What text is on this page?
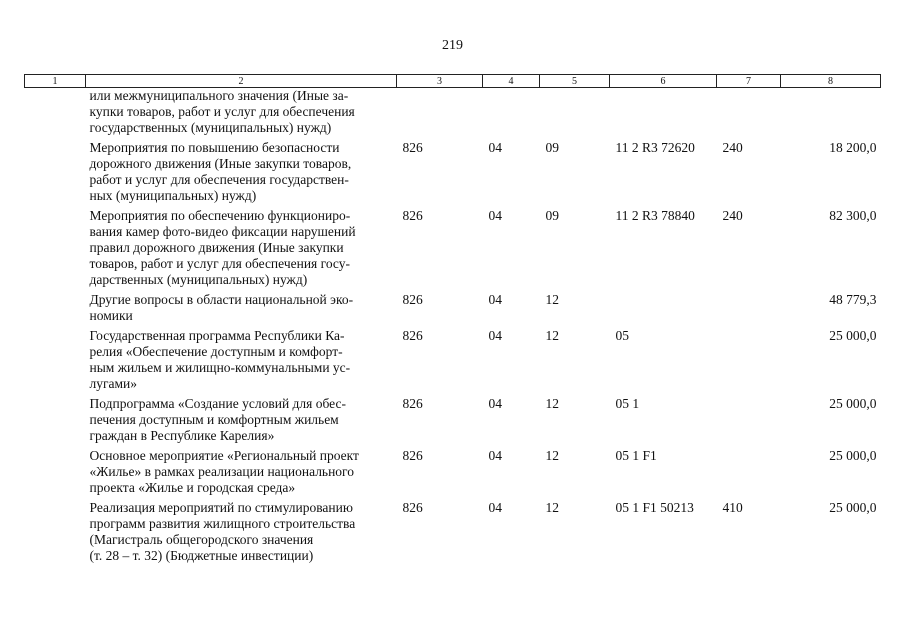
219
1	2	3	4	5	6	7	8

	или межмуниципального значения (Иные за-
купки товаров, работ и услуг для обеспечения
государственных (муниципальных) нужд)						

	Мероприятия по повышению безопасности
дорожного движения (Иные закупки товаров,
работ и услуг для обеспечения государствен-
ных (муниципальных) нужд)	826	04	09	11 2 R3 72620	240	18 200,0

	Мероприятия по обеспечению функциониро-
вания камер фото-видео фиксации нарушений
правил дорожного движения (Иные закупки
товаров, работ и услуг для обеспечения госу-
дарственных (муниципальных) нужд)	826	04	09	11 2 R3 78840	240	82 300,0

	Другие вопросы в области национальной эко-
номики	826	04	12			48 779,3

	Государственная программа Республики Ка-
релия «Обеспечение доступным и комфорт-
ным жильем и жилищно-коммунальными ус-
лугами»	826	04	12	05		25 000,0

	Подпрограмма «Создание условий для обес-
печения доступным и комфортным жильем
граждан в Республике Карелия»	826	04	12	05 1		25 000,0

	Основное мероприятие «Региональный проект
«Жилье» в рамках реализации национального
проекта «Жилье и городская среда»	826	04	12	05 1 F1		25 000,0

	Реализация мероприятий по стимулированию
программ развития жилищного строительства
(Магистраль общегородского значения
(т. 28 – т. 32) (Бюджетные инвестиции)	826	04	12	05 1 F1 50213	410	25 000,0
